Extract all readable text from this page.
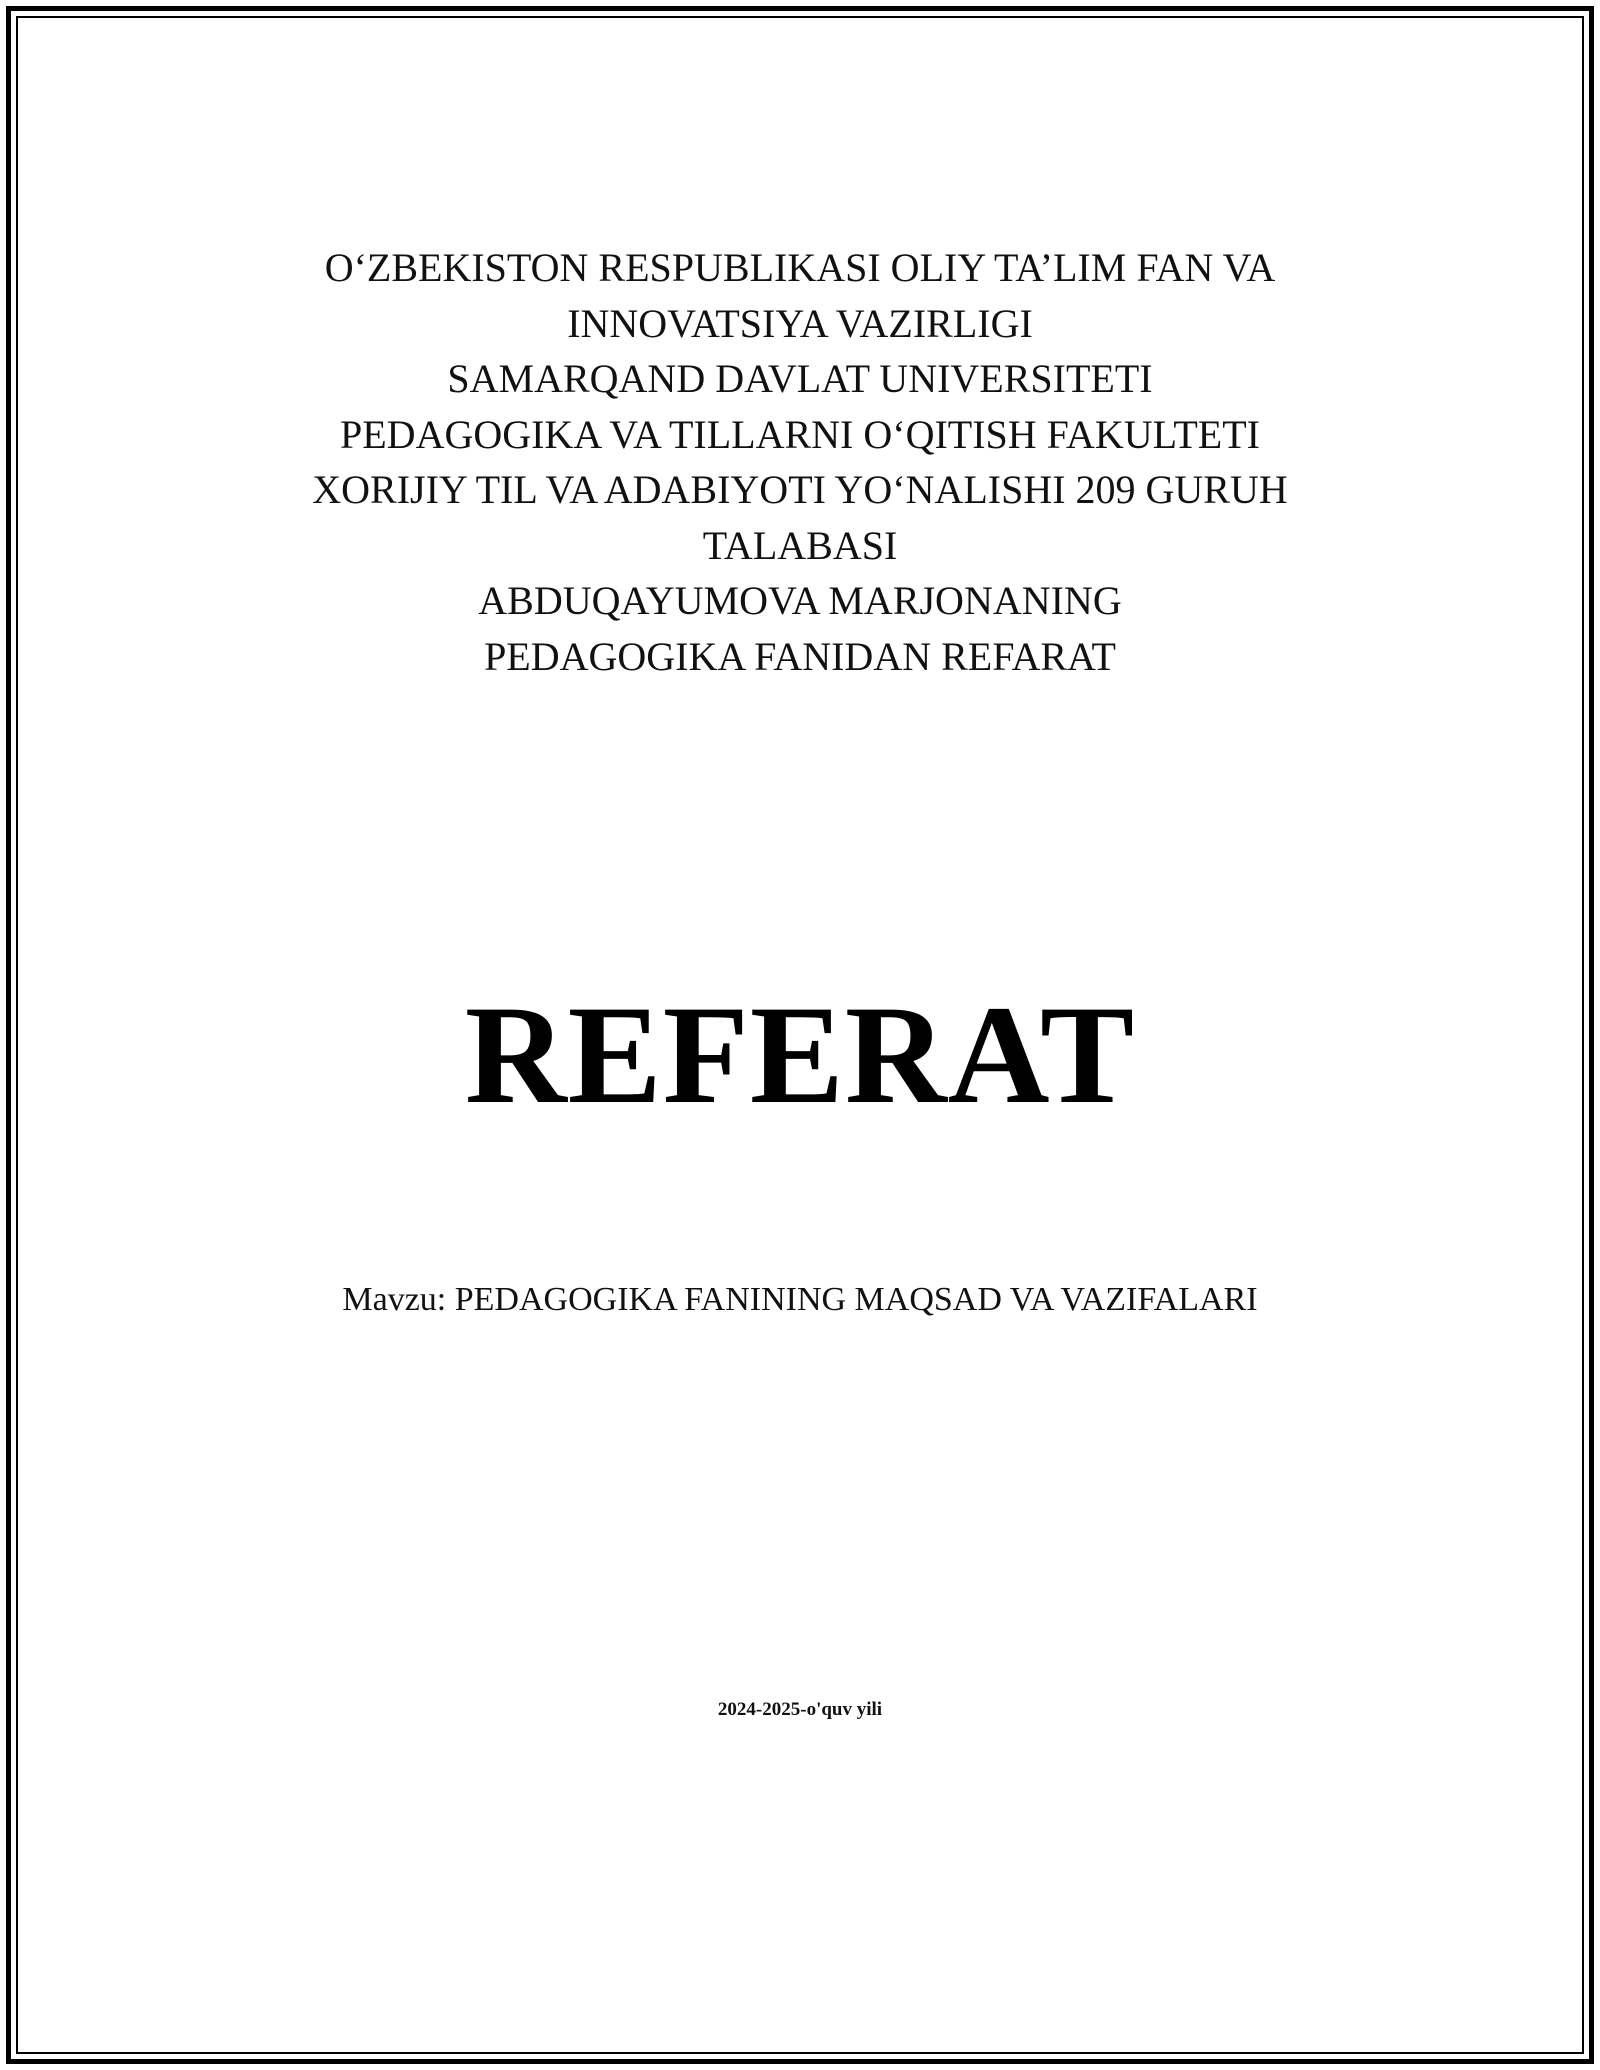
O‘ZBEKISTON RESPUBLIKASI OLIY TA’LIM FAN VA
INNOVATSIYA VAZIRLIGI
SAMARQAND DAVLAT UNIVERSITETI
PEDAGOGIKA VA TILLARNI O‘QITISH FAKULTETI
XORIJIY TIL VA ADABIYOTI YO‘NALISHI 209 GURUH
TALABASI
ABDUQAYUMOVA MARJONANING
PEDAGOGIKA FANIDAN REFARAT
REFERAT
Mavzu: PEDAGOGIKA FANINING MAQSAD VA VAZIFALARI
2024-2025-o'quv yili
